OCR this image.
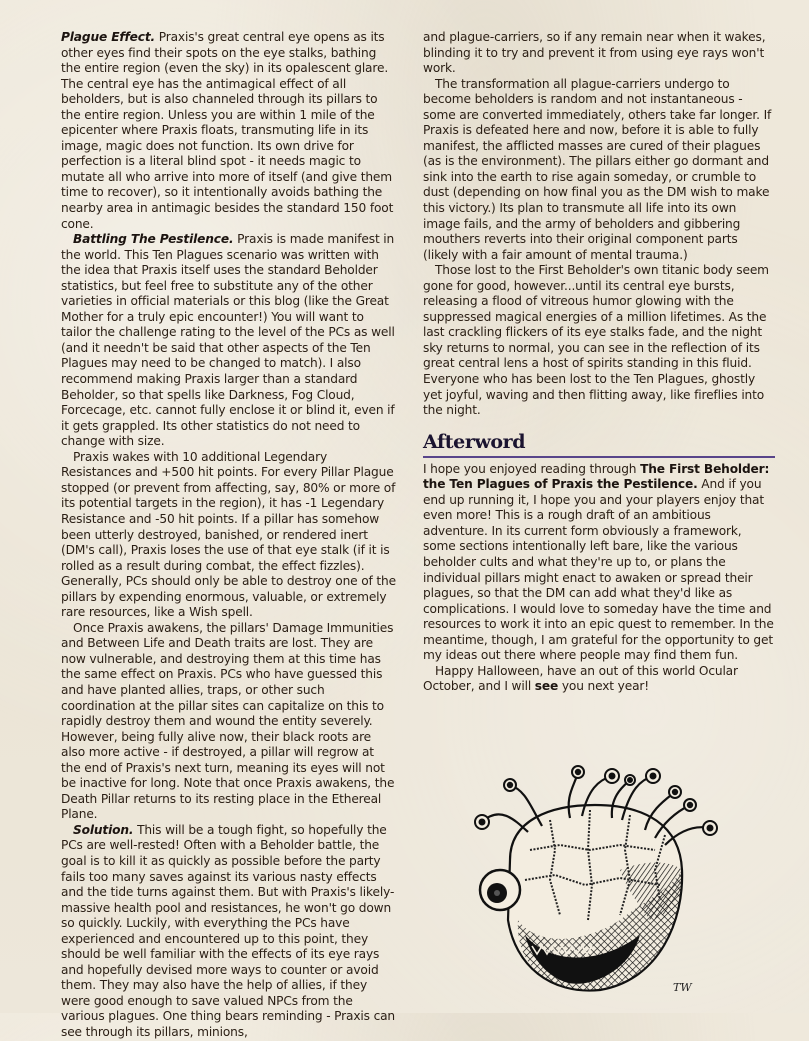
Plague Effect. Praxis's great central eye opens as its other eyes find their spots on the eye stalks, bathing the entire region (even the sky) in its opalescent glare. The central eye has the antimagical effect of all beholders, but is also channeled through its pillars to the entire region. Unless you are within 1 mile of the epicenter where Praxis floats, transmuting life in its image, magic does not function. Its own drive for perfection is a literal blind spot - it needs magic to mutate all who arrive into more of itself (and give them time to recover), so it intentionally avoids bathing the nearby area in antimagic besides the standard 150 foot cone.

Battling The Pestilence. Praxis is made manifest in the world. This Ten Plagues scenario was written with the idea that Praxis itself uses the standard Beholder statistics, but feel free to substitute any of the other varieties in official materials or this blog (like the Great Mother for a truly epic encounter!) You will want to tailor the challenge rating to the level of the PCs as well (and it needn't be said that other aspects of the Ten Plagues may need to be changed to match). I also recommend making Praxis larger than a standard Beholder, so that spells like Darkness, Fog Cloud, Forcecage, etc. cannot fully enclose it or blind it, even if it gets grappled. Its other statistics do not need to change with size.

Praxis wakes with 10 additional Legendary Resistances and +500 hit points. For every Pillar Plague stopped (or prevent from affecting, say, 80% or more of its potential targets in the region), it has -1 Legendary Resistance and -50 hit points. If a pillar has somehow been utterly destroyed, banished, or rendered inert (DM's call), Praxis loses the use of that eye stalk (if it is rolled as a result during combat, the effect fizzles). Generally, PCs should only be able to destroy one of the pillars by expending enormous, valuable, or extremely rare resources, like a Wish spell.

Once Praxis awakens, the pillars' Damage Immunities and Between Life and Death traits are lost. They are now vulnerable, and destroying them at this time has the same effect on Praxis. PCs who have guessed this and have planted allies, traps, or other such coordination at the pillar sites can capitalize on this to rapidly destroy them and wound the entity severely. However, being fully alive now, their black roots are also more active - if destroyed, a pillar will regrow at the end of Praxis's next turn, meaning its eyes will not be inactive for long. Note that once Praxis awakens, the Death Pillar returns to its resting place in the Ethereal Plane.

Solution. This will be a tough fight, so hopefully the PCs are well-rested! Often with a Beholder battle, the goal is to kill it as quickly as possible before the party fails too many saves against its various nasty effects and the tide turns against them. But with Praxis's likely-massive health pool and resistances, he won't go down so quickly. Luckily, with everything the PCs have experienced and encountered up to this point, they should be well familiar with the effects of its eye rays and hopefully devised more ways to counter or avoid them. They may also have the help of allies, if they were good enough to save valued NPCs from the various plagues. One thing bears reminding - Praxis can see through its pillars, minions,

and plague-carriers, so if any remain near when it wakes, blinding it to try and prevent it from using eye rays won't work.

The transformation all plague-carriers undergo to become beholders is random and not instantaneous - some are converted immediately, others take far longer. If Praxis is defeated here and now, before it is able to fully manifest, the afflicted masses are cured of their plagues (as is the environment). The pillars either go dormant and sink into the earth to rise again someday, or crumble to dust (depending on how final you as the DM wish to make this victory.) Its plan to transmute all life into its own image fails, and the army of beholders and gibbering mouthers reverts into their original component parts (likely with a fair amount of mental trauma.)

Those lost to the First Beholder's own titanic body seem gone for good, however...until its central eye bursts, releasing a flood of vitreous humor glowing with the suppressed magical energies of a million lifetimes. As the last crackling flickers of its eye stalks fade, and the night sky returns to normal, you can see in the reflection of its great central lens a host of spirits standing in this fluid. Everyone who has been lost to the Ten Plagues, ghostly yet joyful, waving and then flitting away, like fireflies into the night.

Afterword

I hope you enjoyed reading through The First Beholder: the Ten Plagues of Praxis the Pestilence. And if you end up running it, I hope you and your players enjoy that even more! This is a rough draft of an ambitious adventure. In its current form obviously a framework, some sections intentionally left bare, like the various beholder cults and what they're up to, or plans the individual pillars might enact to awaken or spread their plagues, so that the DM can add what they'd like as complications. I would love to someday have the time and resources to work it into an epic quest to remember. In the meantime, though, I am grateful for the opportunity to get my ideas out there where people may find them fun.

Happy Halloween, have an out of this world Ocular October, and I will see you next year!

TW
